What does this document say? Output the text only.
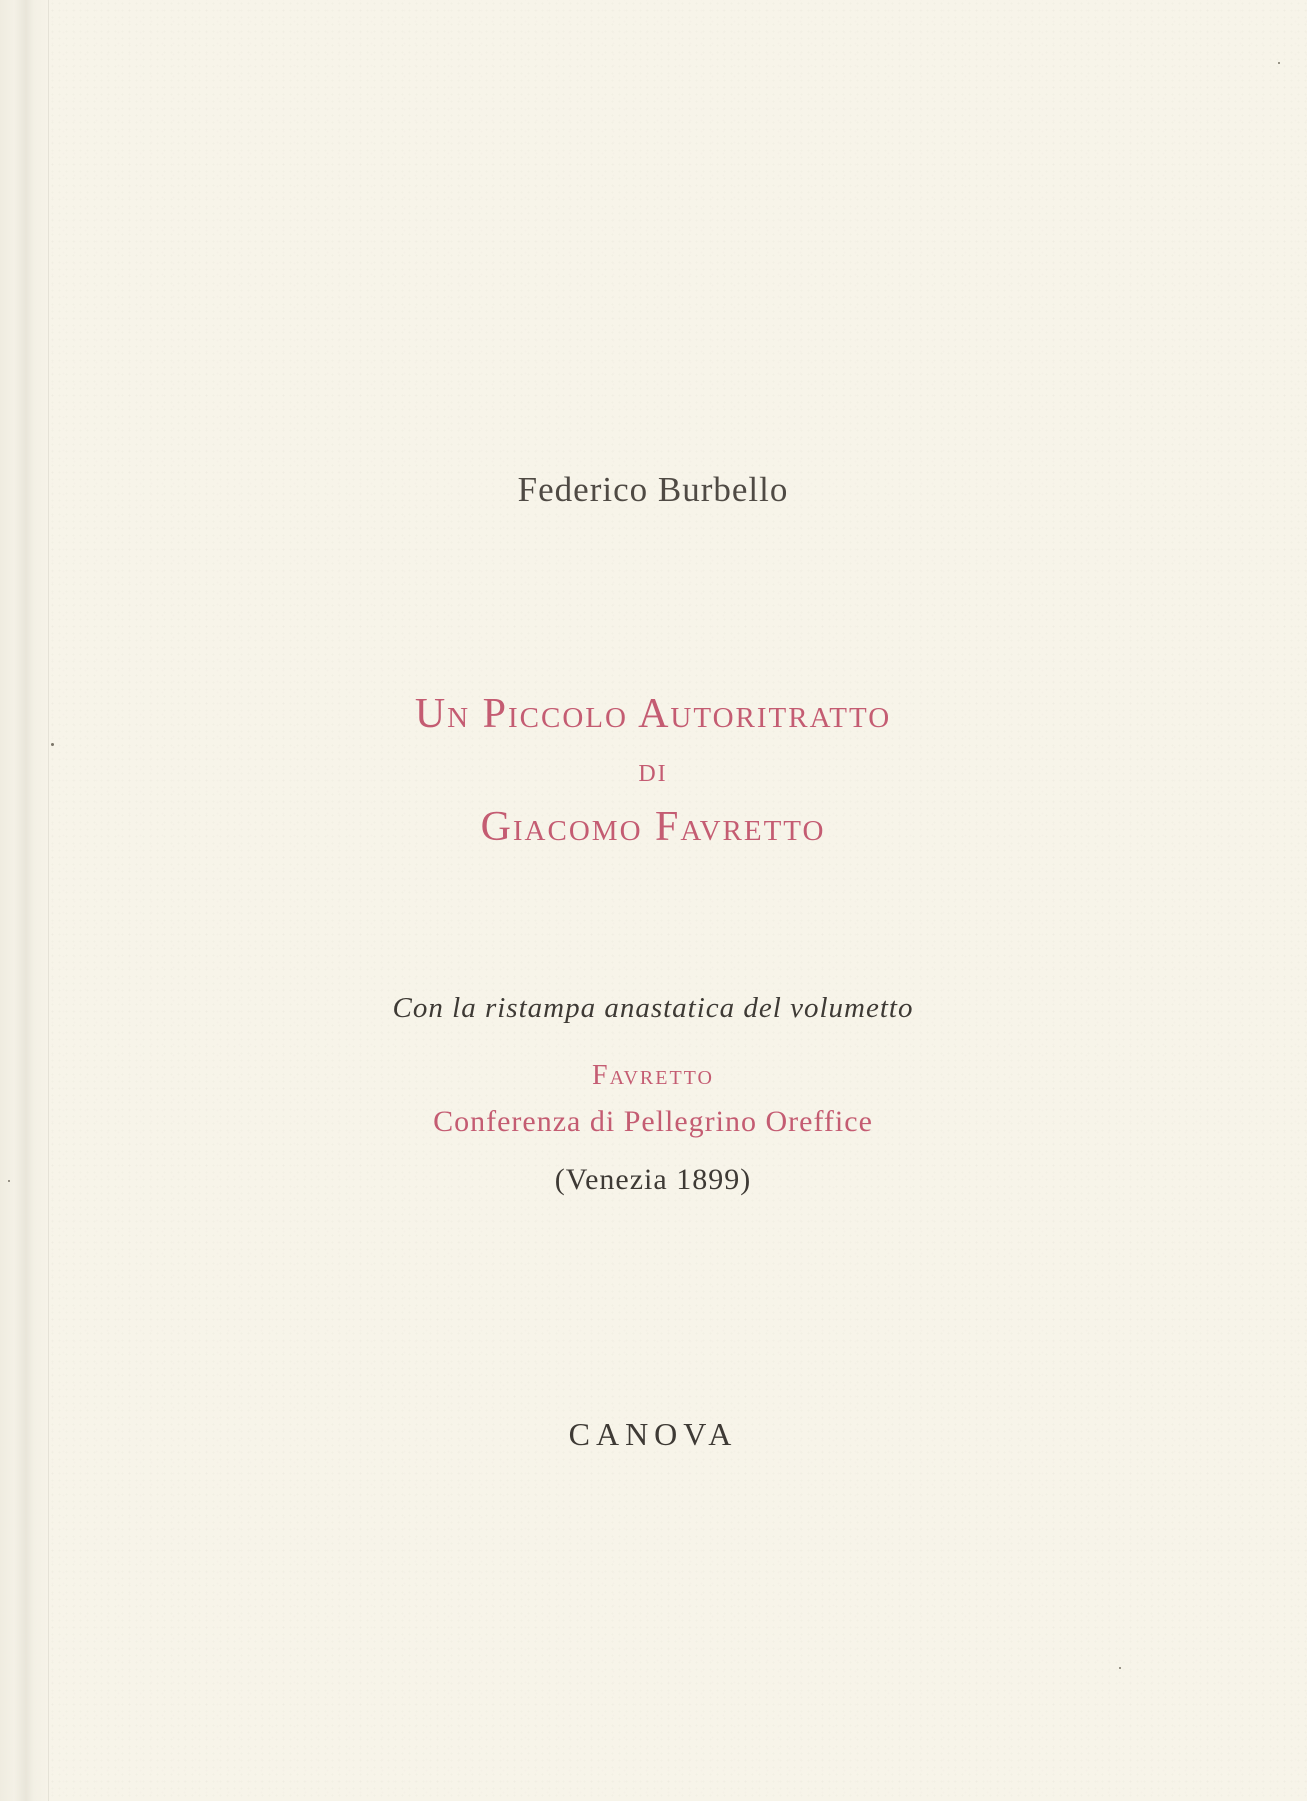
Federico Burbello
Un Piccolo Autoritratto
di
Giacomo Favretto
Con la ristampa anastatica del volumetto
Favretto
Conferenza di Pellegrino Oreffice
(Venezia 1899)
CANOVA
